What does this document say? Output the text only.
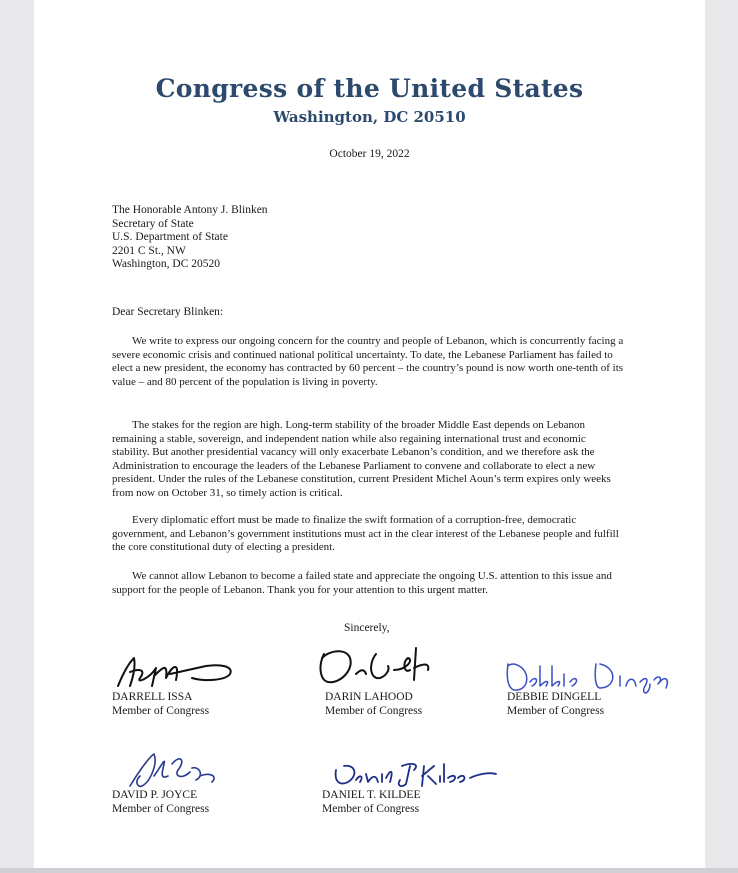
Congress of the United States
Washington, DC 20510
October 19, 2022
The Honorable Antony J. Blinken
Secretary of State
U.S. Department of State
2201 C St., NW
Washington, DC 20520
Dear Secretary Blinken:
We write to express our ongoing concern for the country and people of Lebanon, which is concurrently facing a severe economic crisis and continued national political uncertainty. To date, the Lebanese Parliament has failed to elect a new president, the economy has contracted by 60 percent – the country’s pound is now worth one-tenth of its value – and 80 percent of the population is living in poverty.
The stakes for the region are high. Long-term stability of the broader Middle East depends on Lebanon remaining a stable, sovereign, and independent nation while also regaining international trust and economic stability. But another presidential vacancy will only exacerbate Lebanon’s condition, and we therefore ask the Administration to encourage the leaders of the Lebanese Parliament to convene and collaborate to elect a new president. Under the rules of the Lebanese constitution, current President Michel Aoun’s term expires only weeks from now on October 31, so timely action is critical.
Every diplomatic effort must be made to finalize the swift formation of a corruption-free, democratic government, and Lebanon’s government institutions must act in the clear interest of the Lebanese people and fulfill the core constitutional duty of electing a president.
We cannot allow Lebanon to become a failed state and appreciate the ongoing U.S. attention to this issue and support for the people of Lebanon. Thank you for your attention to this urgent matter.
Sincerely,
DARRELL ISSA
Member of Congress
DARIN LAHOOD
Member of Congress
DEBBIE DINGELL
Member of Congress
DAVID P. JOYCE
Member of Congress
DANIEL T. KILDEE
Member of Congress
